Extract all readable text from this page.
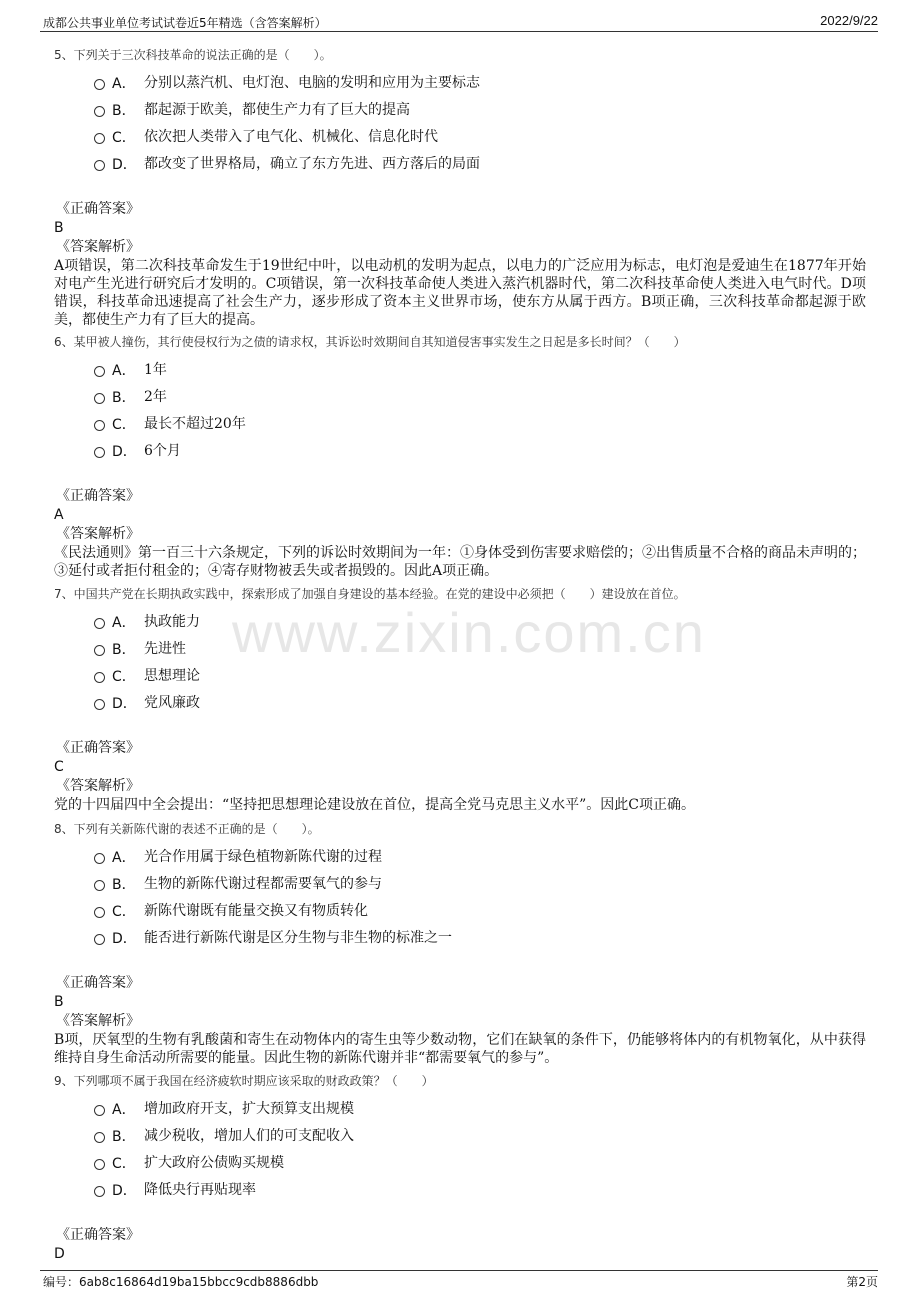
成都公共事业单位考试试卷近5年精选（含答案解析）	2022/9/22
www.zixin.com.cn
5、下列关于三次科技革命的说法正确的是（　　）。
A． 分别以蒸汽机、电灯泡、电脑的发明和应用为主要标志
B． 都起源于欧美，都使生产力有了巨大的提高
C． 依次把人类带入了电气化、机械化、信息化时代
D． 都改变了世界格局，确立了东方先进、西方落后的局面
《正确答案》
B
《答案解析》
A项错误，第二次科技革命发生于19世纪中叶，以电动机的发明为起点，以电力的广泛应用为标志，电灯泡是爱迪生在1877年开始对电产生光进行研究后才发明的。C项错误，第一次科技革命使人类进入蒸汽机器时代，第二次科技革命使人类进入电气时代。D项错误，科技革命迅速提高了社会生产力，逐步形成了资本主义世界市场，使东方从属于西方。B项正确，三次科技革命都起源于欧美，都使生产力有了巨大的提高。
6、某甲被人撞伤，其行使侵权行为之债的请求权，其诉讼时效期间自其知道侵害事实发生之日起是多长时间？（　　）
A． 1年
B． 2年
C． 最长不超过20年
D． 6个月
《正确答案》
A
《答案解析》
《民法通则》第一百三十六条规定，下列的诉讼时效期间为一年：①身体受到伤害要求赔偿的；②出售质量不合格的商品未声明的；③延付或者拒付租金的；④寄存财物被丢失或者损毁的。因此A项正确。
7、中国共产党在长期执政实践中，探索形成了加强自身建设的基本经验。在党的建设中必须把（　　）建设放在首位。
A． 执政能力
B． 先进性
C． 思想理论
D． 党风廉政
《正确答案》
C
《答案解析》
党的十四届四中全会提出：“坚持把思想理论建设放在首位，提高全党马克思主义水平”。因此C项正确。
8、下列有关新陈代谢的表述不正确的是（　　）。
A． 光合作用属于绿色植物新陈代谢的过程
B． 生物的新陈代谢过程都需要氧气的参与
C． 新陈代谢既有能量交换又有物质转化
D． 能否进行新陈代谢是区分生物与非生物的标准之一
《正确答案》
B
《答案解析》
B项，厌氧型的生物有乳酸菌和寄生在动物体内的寄生虫等少数动物，它们在缺氧的条件下，仍能够将体内的有机物氧化，从中获得维持自身生命活动所需要的能量。因此生物的新陈代谢并非“都需要氧气的参与”。
9、下列哪项不属于我国在经济疲软时期应该采取的财政政策？（　　）
A． 增加政府开支，扩大预算支出规模
B． 减少税收，增加人们的可支配收入
C． 扩大政府公债购买规模
D． 降低央行再贴现率
《正确答案》
D
编号：6ab8c16864d19ba15bbcc9cdb8886dbb	第2页
